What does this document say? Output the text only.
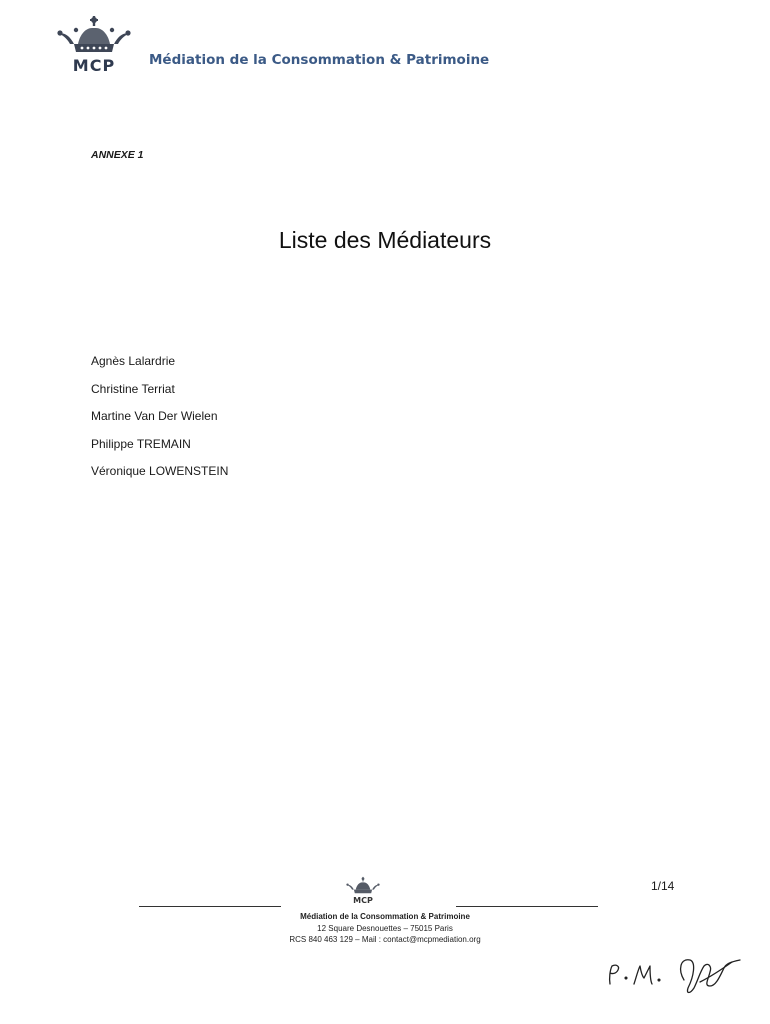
MCP	Médiation de la Consommation & Patrimoine
ANNEXE 1
Liste des Médiateurs
Agnès Lalardrie
Christine Terriat
Martine Van Der Wielen
Philippe TREMAIN
Véronique LOWENSTEIN
1/14
MCP
Médiation de la Consommation & Patrimoine
12 Square Desnouettes – 75015 Paris
RCS 840 463 129 – Mail : contact@mcpmediation.org
